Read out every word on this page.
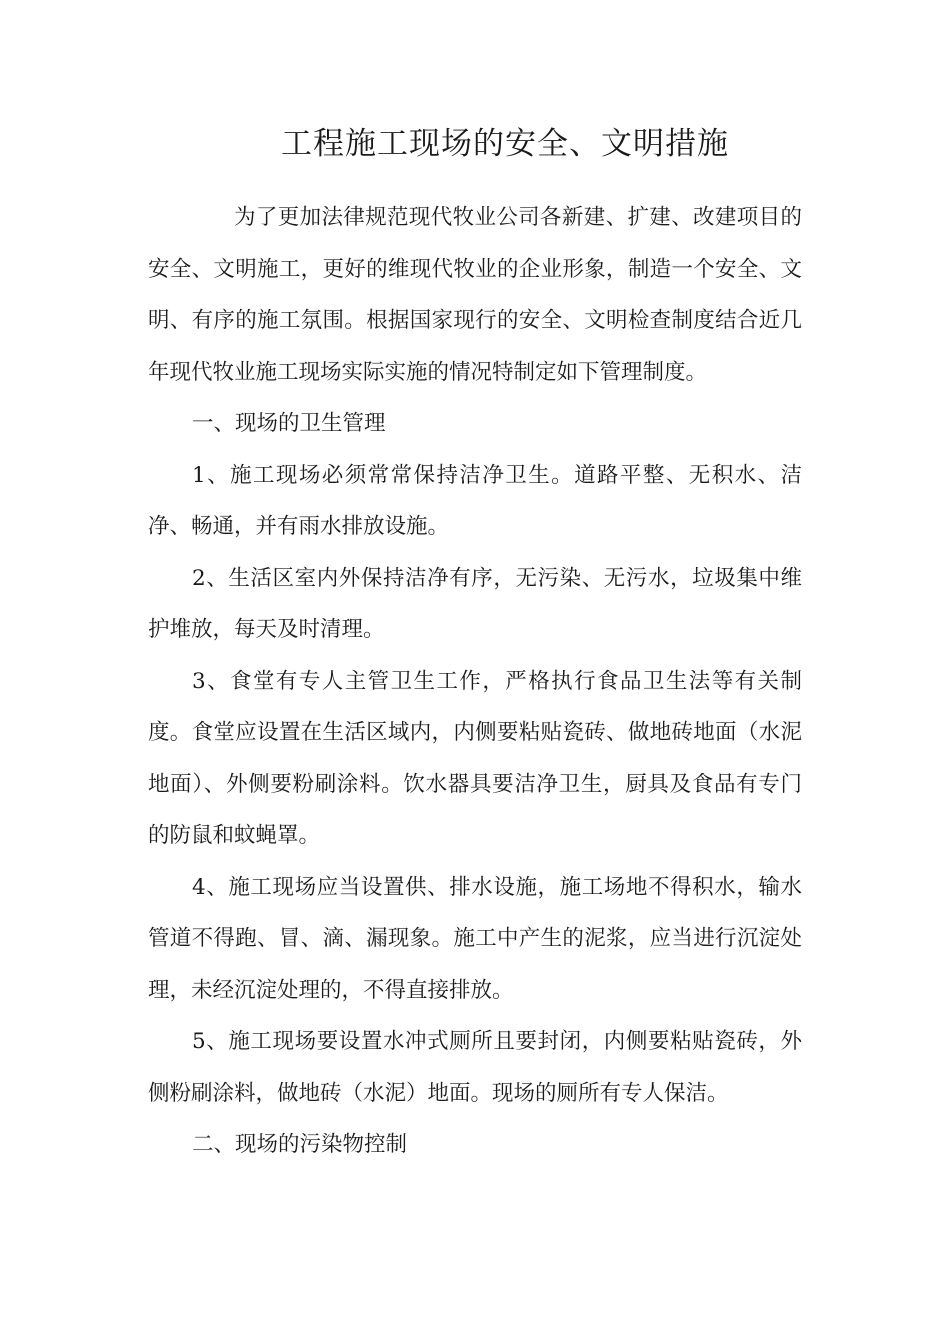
工程施工现场的安全、文明措施

为了更加法律规范现代牧业公司各新建、扩建、改建项目的安全、文明施工，更好的维现代牧业的企业形象，制造一个安全、文明、有序的施工氛围。根据国家现行的安全、文明检查制度结合近几年现代牧业施工现场实际实施的情况特制定如下管理制度。

一、现场的卫生管理

1、施工现场必须常常保持洁净卫生。道路平整、无积水、洁净、畅通，并有雨水排放设施。

2、生活区室内外保持洁净有序，无污染、无污水，垃圾集中维护堆放，每天及时清理。

3、食堂有专人主管卫生工作，严格执行食品卫生法等有关制度。食堂应设置在生活区域内，内侧要粘贴瓷砖、做地砖地面（水泥地面）、外侧要粉刷涂料。饮水器具要洁净卫生，厨具及食品有专门的防鼠和蚊蝇罩。

4、施工现场应当设置供、排水设施，施工场地不得积水，输水管道不得跑、冒、滴、漏现象。施工中产生的泥浆，应当进行沉淀处理，未经沉淀处理的，不得直接排放。

5、施工现场要设置水冲式厕所且要封闭，内侧要粘贴瓷砖，外侧粉刷涂料，做地砖（水泥）地面。现场的厕所有专人保洁。

二、现场的污染物控制
